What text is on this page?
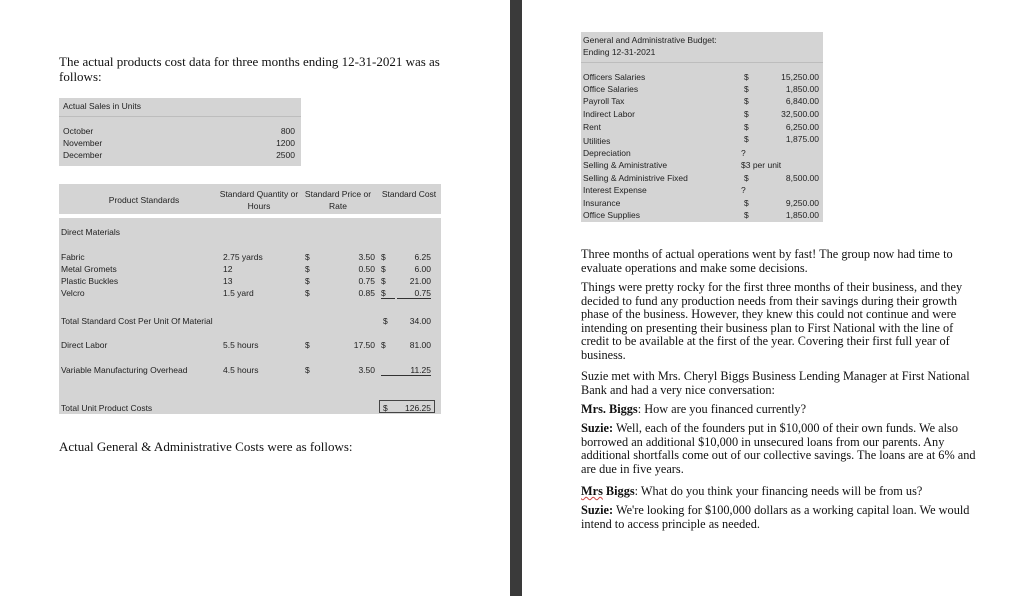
The actual products cost data for three months ending 12-31-2021 was as follows:
Actual Sales in Units
October	800
November	1200
December	2500
Product Standards
Standard Quantity or Hours
Standard Price or Rate
Standard Cost
Direct Materials
Fabric	2.75 yards	$	3.50 $	6.25
Metal Gromets	12	$	0.50 $	6.00
Plastic Buckles	13	$	0.75 $	21.00
Velcro	1.5 yard	$	0.85 $	0.75
Total Standard Cost Per Unit Of Material	$	34.00
Direct Labor	5.5 hours	$	17.50 $	81.00
Variable Manufacturing Overhead	4.5 hours	$	3.50	11.25
Total Unit Product Costs	$	126.25
Actual General & Administrative Costs were as follows:
General and Administrative Budget:
Ending 12-31-2021
Officers Salaries	$	15,250.00
Office Salaries	$	1,850.00
Payroll Tax	$	6,840.00
Indirect Labor	$	32,500.00
Rent	$	6,250.00
Utilities	$	1,875.00
Depreciation	?
Selling & Aministrative	$3 per unit
Selling & Administrive Fixed	$	8,500.00
Interest Expense	?
Insurance	$	9,250.00
Office Supplies	$	1,850.00
Three months of actual operations went by fast! The group now had time to evaluate operations and make some decisions.
Things were pretty rocky for the first three months of their business, and they decided to fund any production needs from their savings during their growth phase of the business. However, they knew this could not continue and were intending on presenting their business plan to First National with the line of credit to be available at the first of the year. Covering their first full year of business.
Suzie met with Mrs. Cheryl Biggs Business Lending Manager at First National Bank and had a very nice conversation:
Mrs. Biggs: How are you financed currently?
Suzie: Well, each of the founders put in $10,000 of their own funds. We also borrowed an additional $10,000 in unsecured loans from our parents. Any additional shortfalls come out of our collective savings. The loans are at 6% and are due in five years.
Mrs Biggs: What do you think your financing needs will be from us?
Suzie: We're looking for $100,000 dollars as a working capital loan. We would intend to access principle as needed.
